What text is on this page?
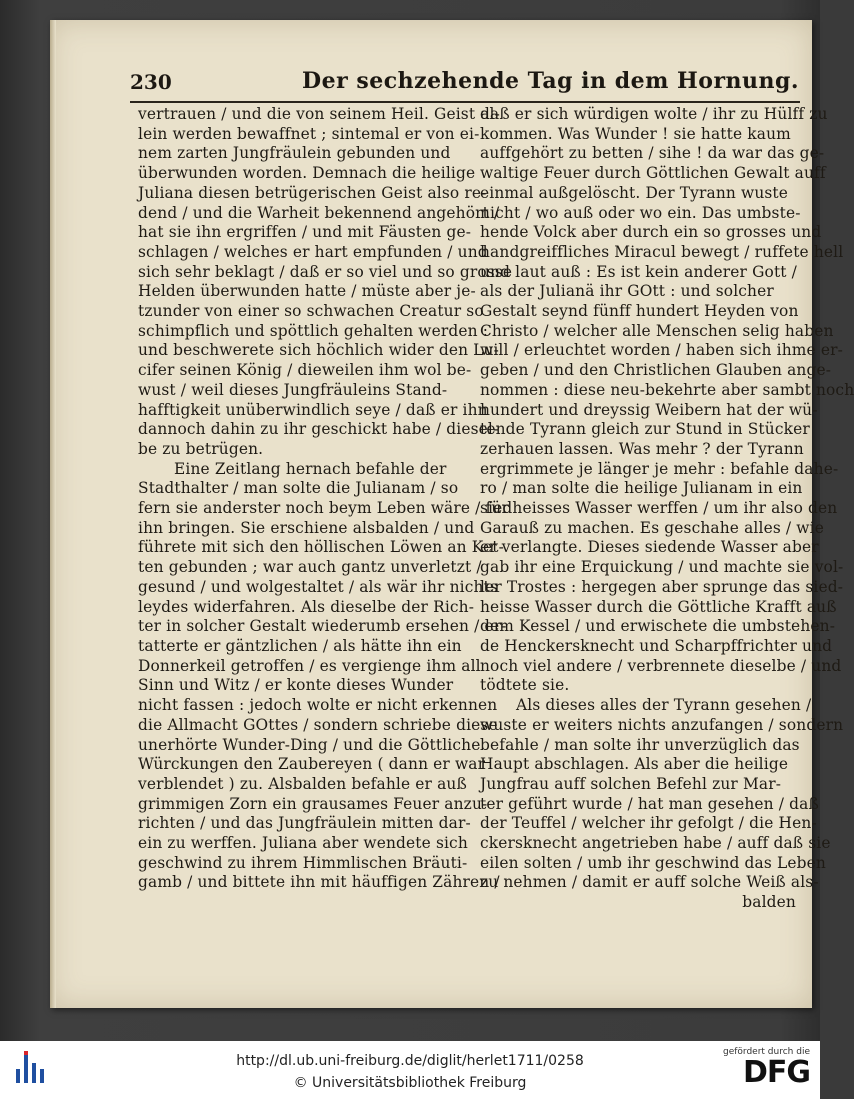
230	Der sechzehende Tag in dem Hornung.
vertrauen / und die von seinem Heil. Geist al-
lein werden bewaffnet ; sintemal er von ei-
nem zarten Jungfräulein gebunden und
überwunden worden. Demnach die heilige
Juliana diesen betrügerischen Geist also re-
dend / und die Warheit bekennend angehört /
hat sie ihn ergriffen / und mit Fäusten ge-
schlagen / welches er hart empfunden / und
sich sehr beklagt / daß er so viel und so grosse
Helden überwunden hatte / müste aber je-
tzunder von einer so schwachen Creatur so
schimpflich und spöttlich gehalten werden :
und beschwerete sich höchlich wider den Lu-
cifer seinen König / dieweilen ihm wol be-
wust / weil dieses Jungfräuleins Stand-
hafftigkeit unüberwindlich seye / daß er ihn
dannoch dahin zu ihr geschickt habe / diesel-
be zu betrügen.
Eine Zeitlang hernach befahle der
Stadthalter / man solte die Julianam / so
fern sie anderster noch beym Leben wäre / für
ihn bringen. Sie erschiene alsbalden / und
führete mit sich den höllischen Löwen an Ket-
ten gebunden ; war auch gantz unverletzt /
gesund / und wolgestaltet / als wär ihr nichts
leydes widerfahren. Als dieselbe der Rich-
ter in solcher Gestalt wiederumb ersehen / er-
tatterte er gäntzlichen / als hätte ihn ein
Donnerkeil getroffen / es vergienge ihm all
Sinn und Witz / er konte dieses Wunder
nicht fassen : jedoch wolte er nicht erkennen
die Allmacht GOttes / sondern schriebe diese
unerhörte Wunder-Ding / und die Göttliche
Würckungen den Zaubereyen ( dann er war
verblendet ) zu. Alsbalden befahle er auß
grimmigen Zorn ein grausames Feuer anzu-
richten / und das Jungfräulein mitten dar-
ein zu werffen. Juliana aber wendete sich
geschwind zu ihrem Himmlischen Bräuti-
gamb / und bittete ihn mit häuffigen Zähren /
daß er sich würdigen wolte / ihr zu Hülff zu
kommen. Was Wunder ! sie hatte kaum
auffgehört zu betten / sihe ! da war das ge-
waltige Feuer durch Göttlichen Gewalt auff
einmal außgelöscht. Der Tyrann wuste
nicht / wo auß oder wo ein. Das umbste-
hende Volck aber durch ein so grosses und
handgreiffliches Miracul bewegt / ruffete hell
und laut auß : Es ist kein anderer Gott /
als der Julianä ihr GOtt : und solcher
Gestalt seynd fünff hundert Heyden von
Christo / welcher alle Menschen selig haben
will / erleuchtet worden / haben sich ihme er-
geben / und den Christlichen Glauben ange-
nommen : diese neu-bekehrte aber sambt noch
hundert und dreyssig Weibern hat der wü-
tende Tyrann gleich zur Stund in Stücker
zerhauen lassen. Was mehr ? der Tyrann
ergrimmete je länger je mehr : befahle dahe-
ro / man solte die heilige Julianam in ein
siedheisses Wasser werffen / um ihr also den
Garauß zu machen. Es geschahe alles / wie
er verlangte. Dieses siedende Wasser aber
gab ihr eine Erquickung / und machte sie vol-
ler Trostes : hergegen aber sprunge das sied-
heisse Wasser durch die Göttliche Krafft auß
dem Kessel / und erwischete die umbstehen-
de Henckersknecht und Scharpffrichter und
noch viel andere / verbrennete dieselbe / und
tödtete sie.
Als dieses alles der Tyrann gesehen /
wuste er weiters nichts anzufangen / sondern
befahle / man solte ihr unverzüglich das
Haupt abschlagen. Als aber die heilige
Jungfrau auff solchen Befehl zur Mar-
ter geführt wurde / hat man gesehen / daß
der Teuffel / welcher ihr gefolgt / die Hen-
ckersknecht angetrieben habe / auff daß sie
eilen solten / umb ihr geschwind das Leben
zu nehmen / damit er auff solche Weiß als-
balden
http://dl.ub.uni-freiburg.de/diglit/herlet1711/0258
© Universitätsbibliothek Freiburg
gefördert durch die
DFG
